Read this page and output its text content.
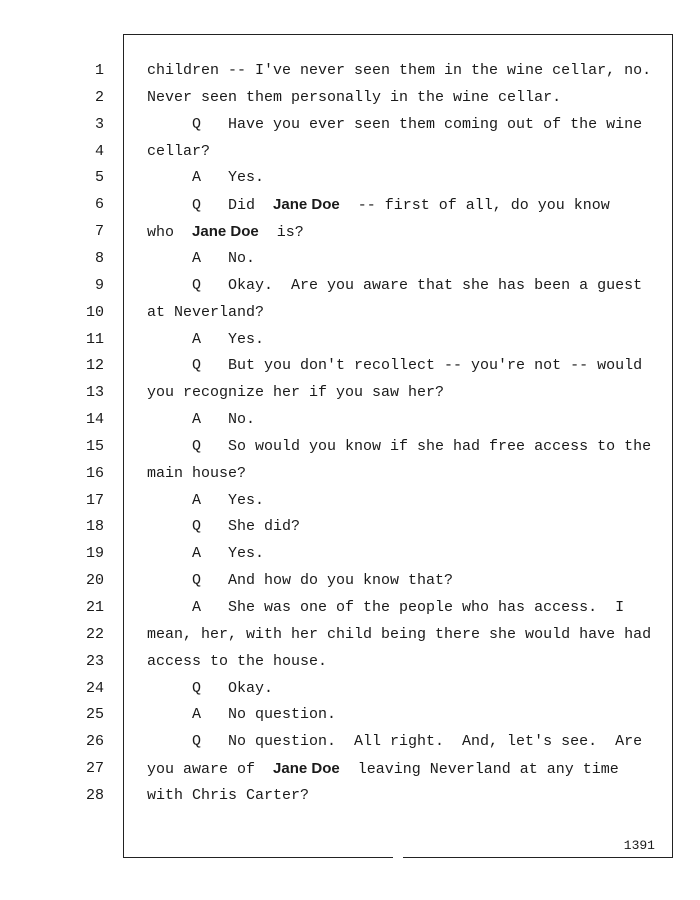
1	children -- I've never seen them in the wine cellar, no.
2	Never seen them personally in the wine cellar.
3	Q   Have you ever seen them coming out of the wine
4	cellar?
5	A   Yes.
6	Q   Did  Jane Doe  -- first of all, do you know
7	who  Jane Doe  is?
8	A   No.
9	Q   Okay.  Are you aware that she has been a guest
10	at Neverland?
11	A   Yes.
12	Q   But you don't recollect -- you're not -- would
13	you recognize her if you saw her?
14	A   No.
15	Q   So would you know if she had free access to the
16	main house?
17	A   Yes.
18	Q   She did?
19	A   Yes.
20	Q   And how do you know that?
21	A   She was one of the people who has access.  I
22	mean, her, with her child being there she would have had
23	access to the house.
24	Q   Okay.
25	A   No question.
26	Q   No question.  All right.  And, let's see.  Are
27	you aware of  Jane Doe  leaving Neverland at any time
28	with Chris Carter?
1391
